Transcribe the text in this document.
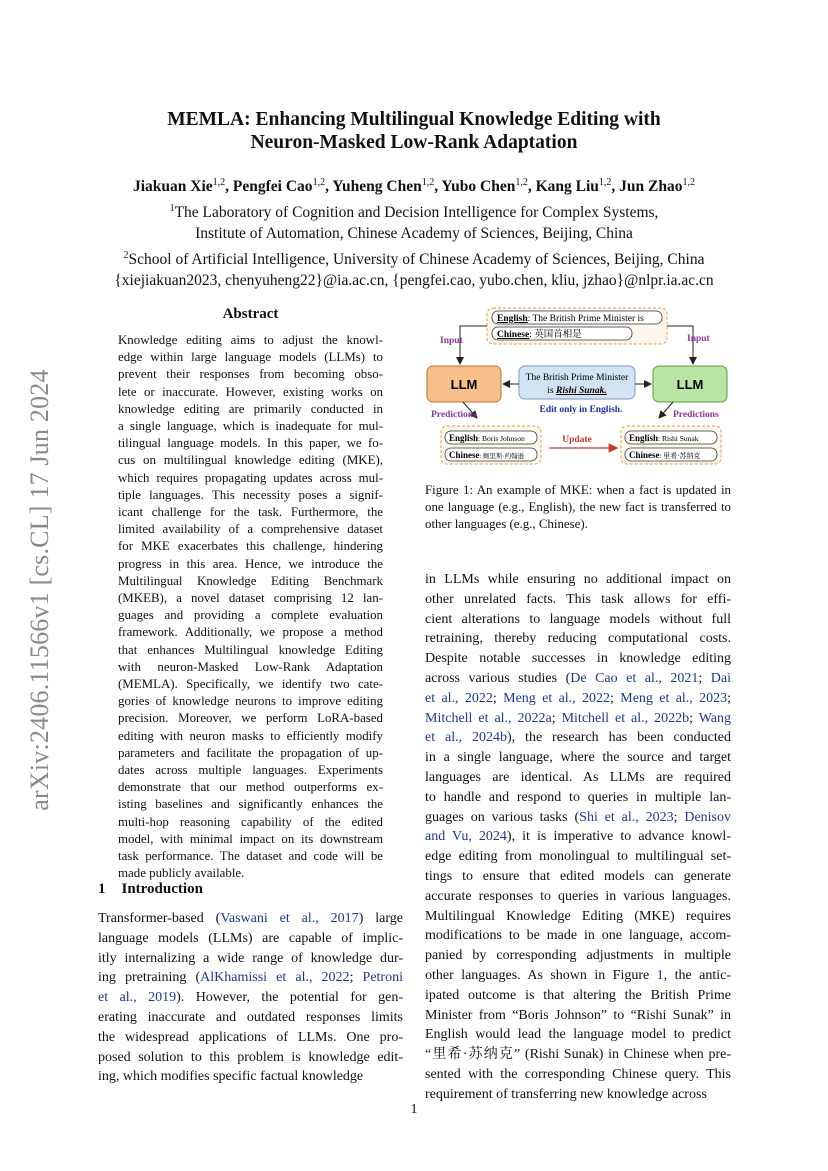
arXiv:2406.11566v1 [cs.CL] 17 Jun 2024
MEMLA: Enhancing Multilingual Knowledge Editing with
Neuron-Masked Low-Rank Adaptation
Jiakuan Xie$^{1,2}$, Pengfei Cao$^{1,2}$, Yuheng Chen$^{1,2}$, Yubo Chen$^{1,2}$, Kang Liu$^{1,2}$, Jun Zhao$^{1,2}$
$^1$The Laboratory of Cognition and Decision Intelligence for Complex Systems,
Institute of Automation, Chinese Academy of Sciences, Beijing, China
$^2$School of Artificial Intelligence, University of Chinese Academy of Sciences, Beijing, China
{xiejiakuan2023, chenyuheng22}@ia.ac.cn, {pengfei.cao, yubo.chen, kliu, jzhao}@nlpr.ia.ac.cn
Abstract
Knowledge editing aims to adjust the knowl-
edge within large language models (LLMs) to
prevent their responses from becoming obso-
lete or inaccurate. However, existing works on
knowledge editing are primarily conducted in
a single language, which is inadequate for mul-
tilingual language models. In this paper, we fo-
cus on multilingual knowledge editing (MKE),
which requires propagating updates across mul-
tiple languages. This necessity poses a signif-
icant challenge for the task. Furthermore, the
limited availability of a comprehensive dataset
for MKE exacerbates this challenge, hindering
progress in this area. Hence, we introduce the
Multilingual Knowledge Editing Benchmark
(MKEB), a novel dataset comprising 12 lan-
guages and providing a complete evaluation
framework. Additionally, we propose a method
that enhances Multilingual knowledge Editing
with neuron-Masked Low-Rank Adaptation
(MEMLA). Specifically, we identify two cate-
gories of knowledge neurons to improve editing
precision. Moreover, we perform LoRA-based
editing with neuron masks to efficiently modify
parameters and facilitate the propagation of up-
dates across multiple languages. Experiments
demonstrate that our method outperforms ex-
isting baselines and significantly enhances the
multi-hop reasoning capability of the edited
model, with minimal impact on its downstream
task performance. The dataset and code will be
made publicly available.
1 Introduction
Transformer-based (Vaswani et al., 2017) large
language models (LLMs) are capable of implic-
itly internalizing a wide range of knowledge dur-
ing pretraining (AlKhamissi et al., 2022; Petroni
et al., 2019). However, the potential for gen-
erating inaccurate and outdated responses limits
the widespread applications of LLMs. One pro-
posed solution to this problem is knowledge edit-
ing, which modifies specific factual knowledge
English: The British Prime Minister is
Chinese: 英国首相是
Input	Input
LLM	LLM
The British Prime Minister
is Rishi Sunak.
Edit only in English.
Predictions	Predictions
English: Boris Johnson
Chinese: 鲍里斯·约翰逊
Update	English: Rishi Sunak
Chinese: 里希·苏纳克
Figure 1: An example of MKE: when a fact is updated in one language (e.g., English), the new fact is transferred to other languages (e.g., Chinese).
in LLMs while ensuring no additional impact on
other unrelated facts. This task allows for effi-
cient alterations to language models without full
retraining, thereby reducing computational costs.
Despite notable successes in knowledge editing
across various studies (De Cao et al., 2021; Dai
et al., 2022; Meng et al., 2022; Meng et al., 2023;
Mitchell et al., 2022a; Mitchell et al., 2022b; Wang
et al., 2024b), the research has been conducted
in a single language, where the source and target
languages are identical. As LLMs are required
to handle and respond to queries in multiple lan-
guages on various tasks (Shi et al., 2023; Denisov
and Vu, 2024), it is imperative to advance knowl-
edge editing from monolingual to multilingual set-
tings to ensure that edited models can generate
accurate responses to queries in various languages.
Multilingual Knowledge Editing (MKE) requires
modifications to be made in one language, accom-
panied by corresponding adjustments in multiple
other languages. As shown in Figure 1, the antic-
ipated outcome is that altering the British Prime
Minister from “Boris Johnson” to “Rishi Sunak” in
English would lead the language model to predict
“里希·苏纳克” (Rishi Sunak) in Chinese when pre-
sented with the corresponding Chinese query. This
requirement of transferring new knowledge across
1
